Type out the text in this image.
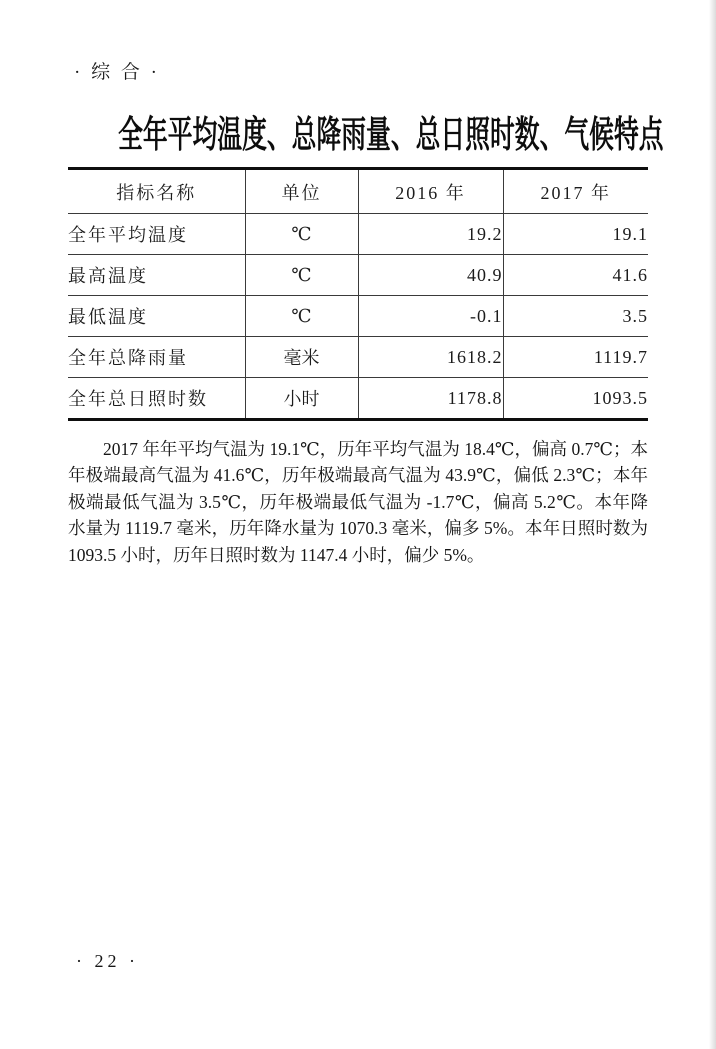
· 综 合 ·
全年平均温度、总降雨量、总日照时数、气候特点
指标名称	单位	2016 年	2017 年
全年平均温度	℃	19.2	19.1
最高温度	℃	40.9	41.6
最低温度	℃	-0.1	3.5
全年总降雨量	毫米	1618.2	1119.7
全年总日照时数	小时	1178.8	1093.5

2017 年年平均气温为 19.1℃，历年平均气温为 18.4℃，偏高 0.7℃；本年极端最高气温为 41.6℃，历年极端最高气温为 43.9℃，偏低 2.3℃；本年极端最低气温为 3.5℃，历年极端最低气温为 -1.7℃，偏高 5.2℃。本年降水量为 1119.7 毫米，历年降水量为 1070.3 毫米，偏多 5%。本年日照时数为 1093.5 小时，历年日照时数为 1147.4 小时，偏少 5%。

· 22 ·
